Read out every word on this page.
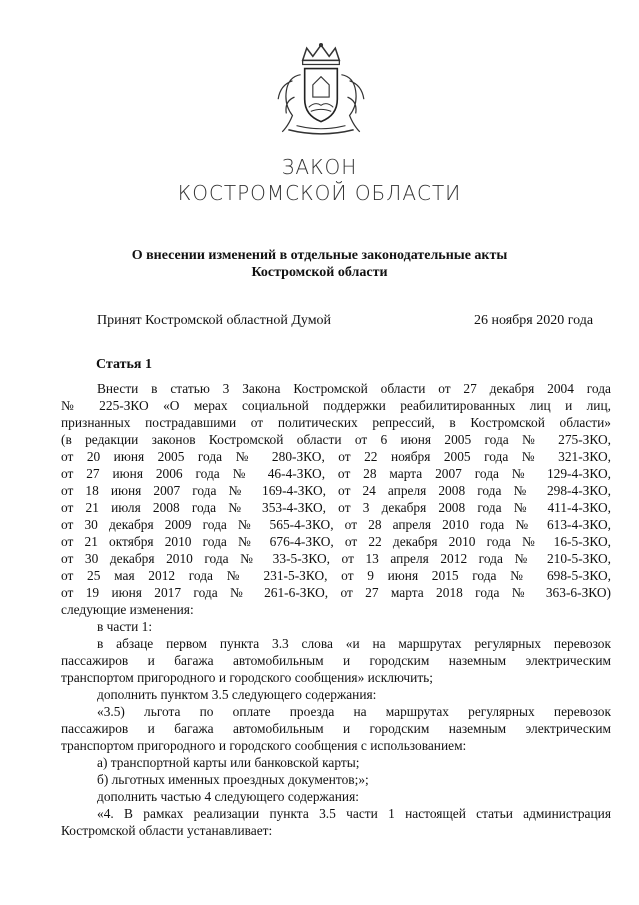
ЗАКОН
КОСТРОМСКОЙ ОБЛАСТИ
О внесении изменений в отдельные законодательные акты
Костромской области
Принят Костромской областной Думой	26 ноября 2020 года
Статья 1
Внести в статью 3 Закона Костромской области от 27 декабря 2004 года
№ 225-ЗКО «О мерах социальной поддержки реабилитированных лиц и лиц,
признанных пострадавшими от политических репрессий, в Костромской области»
(в редакции законов Костромской области от 6 июня 2005 года № 275-ЗКО,
от 20 июня 2005 года № 280-ЗКО, от 22 ноября 2005 года № 321-ЗКО,
от 27 июня 2006 года № 46-4-ЗКО, от 28 марта 2007 года № 129-4-ЗКО,
от 18 июня 2007 года № 169-4-ЗКО, от 24 апреля 2008 года № 298-4-ЗКО,
от 21 июля 2008 года № 353-4-ЗКО, от 3 декабря 2008 года № 411-4-ЗКО,
от 30 декабря 2009 года № 565-4-ЗКО, от 28 апреля 2010 года № 613-4-ЗКО,
от 21 октября 2010 года № 676-4-ЗКО, от 22 декабря 2010 года № 16-5-ЗКО,
от 30 декабря 2010 года № 33-5-ЗКО, от 13 апреля 2012 года № 210-5-ЗКО,
от 25 мая 2012 года № 231-5-ЗКО, от 9 июня 2015 года № 698-5-ЗКО,
от 19 июня 2017 года № 261-6-ЗКО, от 27 марта 2018 года № 363-6-ЗКО)
следующие изменения:
в части 1:
в абзаце первом пункта 3.3 слова «и на маршрутах регулярных перевозок
пассажиров и багажа автомобильным и городским наземным электрическим
транспортом пригородного и городского сообщения» исключить;
дополнить пунктом 3.5 следующего содержания:
«3.5) льгота по оплате проезда на маршрутах регулярных перевозок
пассажиров и багажа автомобильным и городским наземным электрическим
транспортом пригородного и городского сообщения с использованием:
а) транспортной карты или банковской карты;
б) льготных именных проездных документов;»;
дополнить частью 4 следующего содержания:
«4. В рамках реализации пункта 3.5 части 1 настоящей статьи администрация
Костромской области устанавливает:
